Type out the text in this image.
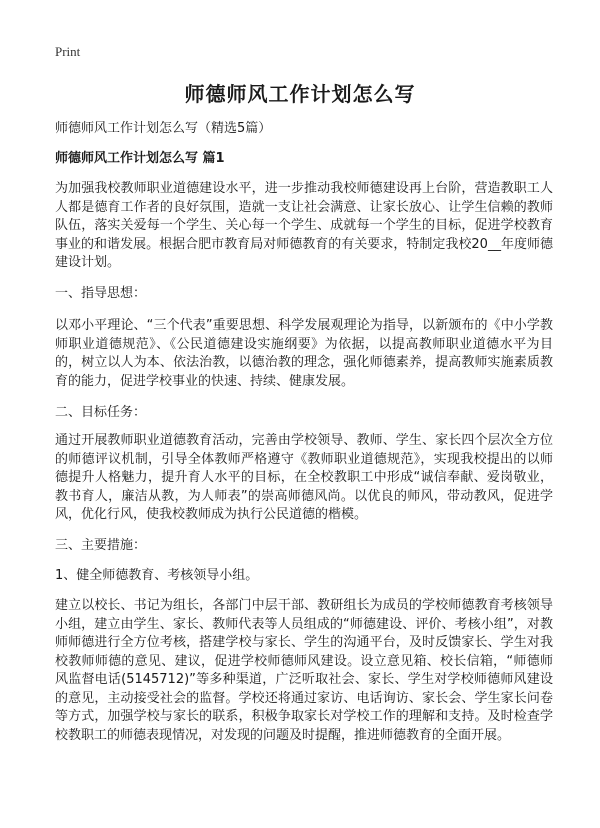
Print
师德师风工作计划怎么写

师德师风工作计划怎么写（精选5篇）

师德师风工作计划怎么写 篇1

为加强我校教师职业道德建设水平，进一步推动我校师德建设再上台阶，营造教职工人人都是德育工作者的良好氛围，造就一支让社会满意、让家长放心、让学生信赖的教师队伍，落实关爱每一个学生、关心每一个学生、成就每一个学生的目标，促进学校教育事业的和谐发展。根据合肥市教育局对师德教育的有关要求，特制定我校20__年度师德建设计划。

一、指导思想：

以邓小平理论、“三个代表”重要思想、科学发展观理论为指导，以新颁布的《中小学教师职业道德规范》、《公民道德建设实施纲要》为依据，以提高教师职业道德水平为目的，树立以人为本、依法治教，以德治教的理念，强化师德素养，提高教师实施素质教育的能力，促进学校事业的快速、持续、健康发展。

二、目标任务：

通过开展教师职业道德教育活动，完善由学校领导、教师、学生、家长四个层次全方位的师德评议机制，引导全体教师严格遵守《教师职业道德规范》，实现我校提出的以师德提升人格魅力，提升育人水平的目标，在全校教职工中形成“诚信奉献、爱岗敬业，教书育人，廉洁从教，为人师表”的崇高师德风尚。以优良的师风，带动教风，促进学风，优化行风，使我校教师成为执行公民道德的楷模。

三、主要措施：

1、健全师德教育、考核领导小组。

建立以校长、书记为组长，各部门中层干部、教研组长为成员的学校师德教育考核领导小组，建立由学生、家长、教师代表等人员组成的“师德建设、评价、考核小组”，对教师师德进行全方位考核，搭建学校与家长、学生的沟通平台，及时反馈家长、学生对我校教师师德的意见、建议，促进学校师德师风建设。设立意见箱、校长信箱，“师德师风监督电话(5145712)”等多种渠道，广泛听取社会、家长、学生对学校师德师风建设的意见，主动接受社会的监督。学校还将通过家访、电话询访、家长会、学生家长问卷等方式，加强学校与家长的联系，积极争取家长对学校工作的理解和支持。及时检查学校教职工的师德表现情况，对发现的问题及时提醒，推进师德教育的全面开展。
